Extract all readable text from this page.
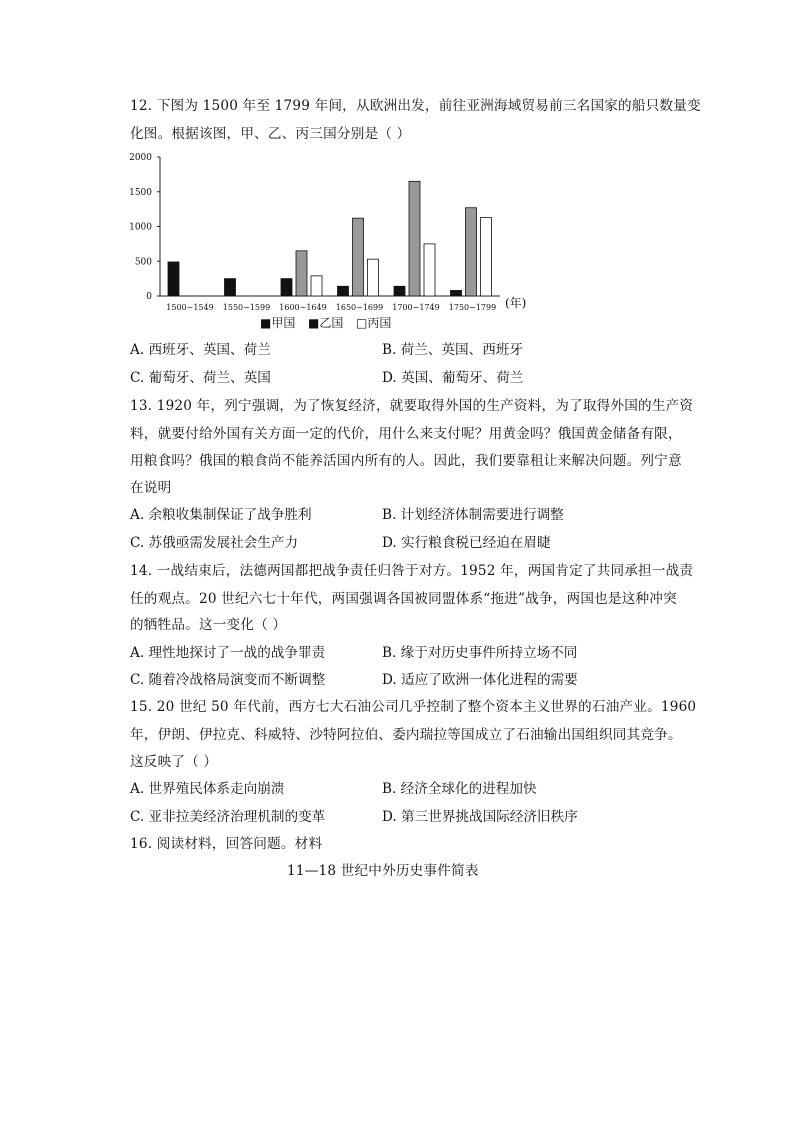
12. 下图为 1500 年至 1799 年间，从欧洲出发，前往亚洲海域贸易前三名国家的船只数量变
化图。根据该图，甲、乙、丙三国分别是（ ）
0
500
1000
1500
2000
1500~1549 1550~1599 1600~1649 1650~1699 1700~1749 1750~1799 (年)
■甲国 ■乙国 □丙国
A. 西班牙、英国、荷兰	B. 荷兰、英国、西班牙
C. 葡萄牙、荷兰、英国	D. 英国、葡萄牙、荷兰
13. 1920 年，列宁强调，为了恢复经济，就要取得外国的生产资料，为了取得外国的生产资
料，就要付给外国有关方面一定的代价，用什么来支付呢？用黄金吗？俄国黄金储备有限，
用粮食吗？俄国的粮食尚不能养活国内所有的人。因此，我们要靠租让来解决问题。列宁意
在说明
A. 余粮收集制保证了战争胜利	B. 计划经济体制需要进行调整
C. 苏俄亟需发展社会生产力	D. 实行粮食税已经迫在眉睫
14. 一战结束后，法德两国都把战争责任归咎于对方。1952 年，两国肯定了共同承担一战责
任的观点。20 世纪六七十年代，两国强调各国被同盟体系“拖进”战争，两国也是这种冲突
的牺牲品。这一变化（ ）
A. 理性地探讨了一战的战争罪责	B. 缘于对历史事件所持立场不同
C. 随着冷战格局演变而不断调整	D. 适应了欧洲一体化进程的需要
15. 20 世纪 50 年代前，西方七大石油公司几乎控制了整个资本主义世界的石油产业。1960
年，伊朗、伊拉克、科威特、沙特阿拉伯、委内瑞拉等国成立了石油输出国组织同其竞争。
这反映了（ ）
A. 世界殖民体系走向崩溃	B. 经济全球化的进程加快
C. 亚非拉美经济治理机制的变革	D. 第三世界挑战国际经济旧秩序
16. 阅读材料，回答问题。材料
11—18 世纪中外历史事件简表
